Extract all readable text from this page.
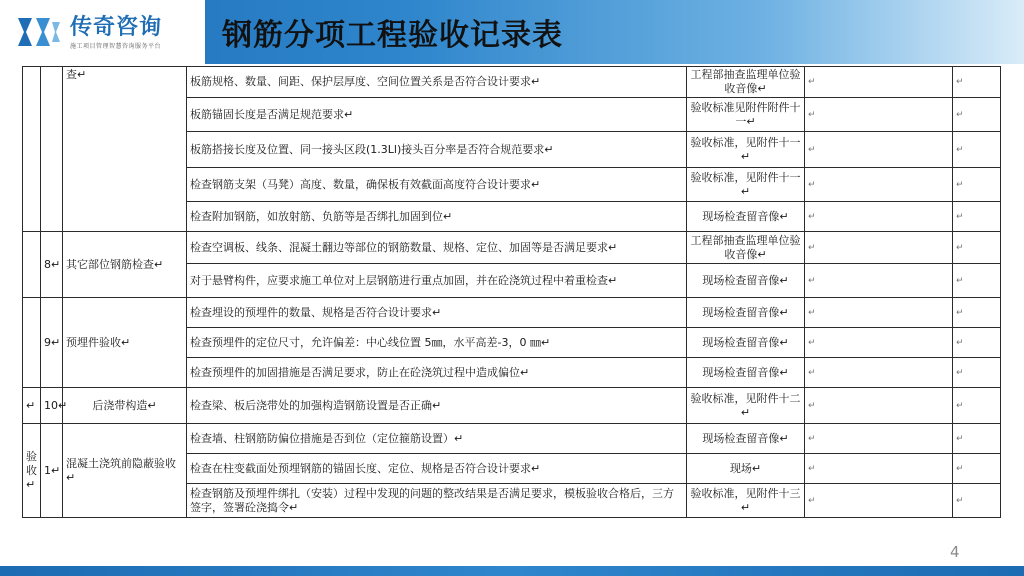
传奇咨询
施工项目管理智慧咨询服务平台 钢筋分项工程验收记录表
		查↵	板筋规格、数量、间距、保护层厚度、空间位置关系是否符合设计要求↵	工程部抽查监理单位验收音像↵	↵	↵
			板筋锚固长度是否满足规范要求↵	验收标准见附件附件十一↵	↵	↵
			板筋搭接长度及位置、同一接头区段(1.3Ll)接头百分率是否符合规范要求↵	验收标准，见附件十一↵	↵	↵
			检查钢筋支架（马凳）高度、数量，确保板有效截面高度符合设计要求↵	验收标准，见附件十一↵	↵	↵
			检查附加钢筋，如放射筋、负筋等是否绑扎加固到位↵	现场检查留音像↵	↵	↵
	8↵	其它部位钢筋检查↵	检查空调板、线条、混凝土翻边等部位的钢筋数量、规格、定位、加固等是否满足要求↵	工程部抽查监理单位验收音像↵	↵	↵
			对于悬臂构件，应要求施工单位对上层钢筋进行重点加固，并在砼浇筑过程中着重检查↵	现场检查留音像↵	↵	↵
	9↵	预埋件验收↵	检查埋设的预埋件的数量、规格是否符合设计要求↵	现场检查留音像↵	↵	↵
			检查预埋件的定位尺寸，允许偏差：中心线位置 5㎜，水平高差-3，0 ㎜↵	现场检查留音像↵	↵	↵
			检查预埋件的加固措施是否满足要求，防止在砼浇筑过程中造成偏位↵	现场检查留音像↵	↵	↵
↵	10↵	后浇带构造↵	检查梁、板后浇带处的加强构造钢筋设置是否正确↵	验收标准，见附件十二↵	↵	↵
验收↵	1↵	混凝土浇筑前隐蔽验收↵	检查墙、柱钢筋防偏位措施是否到位（定位箍筋设置）↵	现场检查留音像↵	↵	↵
			检查在柱变截面处预埋钢筋的锚固长度、定位、规格是否符合设计要求↵	现场↵	↵	↵
			检查钢筋及预埋件绑扎（安装）过程中发现的问题的整改结果是否满足要求，模板验收合格后，三方签字，签署砼浇捣令↵	验收标准，见附件十三↵	↵	↵
4
